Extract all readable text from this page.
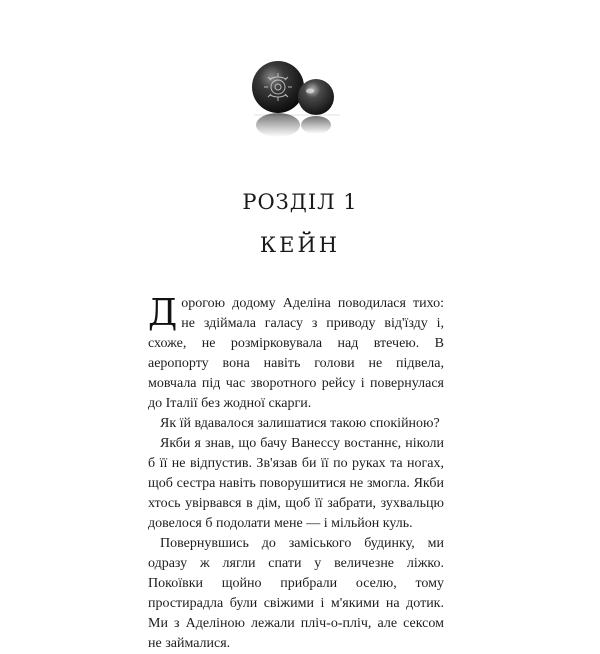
РОЗДІЛ 1
КЕЙН

Дорогою додому Аделіна поводилася тихо: не здіймала галасу з приводу від'їзду і, схоже, не розмірковувала над втечею. В аеропорту вона навіть голови не підвела, мовчала під час зворотного рейсу і повернулася до Італії без жодної скарги.

Як їй вдавалося залишатися такою спокійною?

Якби я знав, що бачу Ванессу востаннє, ніколи б її не відпустив. Зв'язав би її по руках та ногах, щоб сестра навіть поворушитися не змогла. Якби хтось увірвався в дім, щоб її забрати, зухвальцю довелося б подолати мене — і мільйон куль.

Повернувшись до заміського будинку, ми одразу ж лягли спати у величезне ліжко. Покоївки щойно прибрали оселю, тому простирадла були свіжими і м'якими на дотик. Ми з Аделіною лежали пліч-о-пліч, але сексом не займалися.
